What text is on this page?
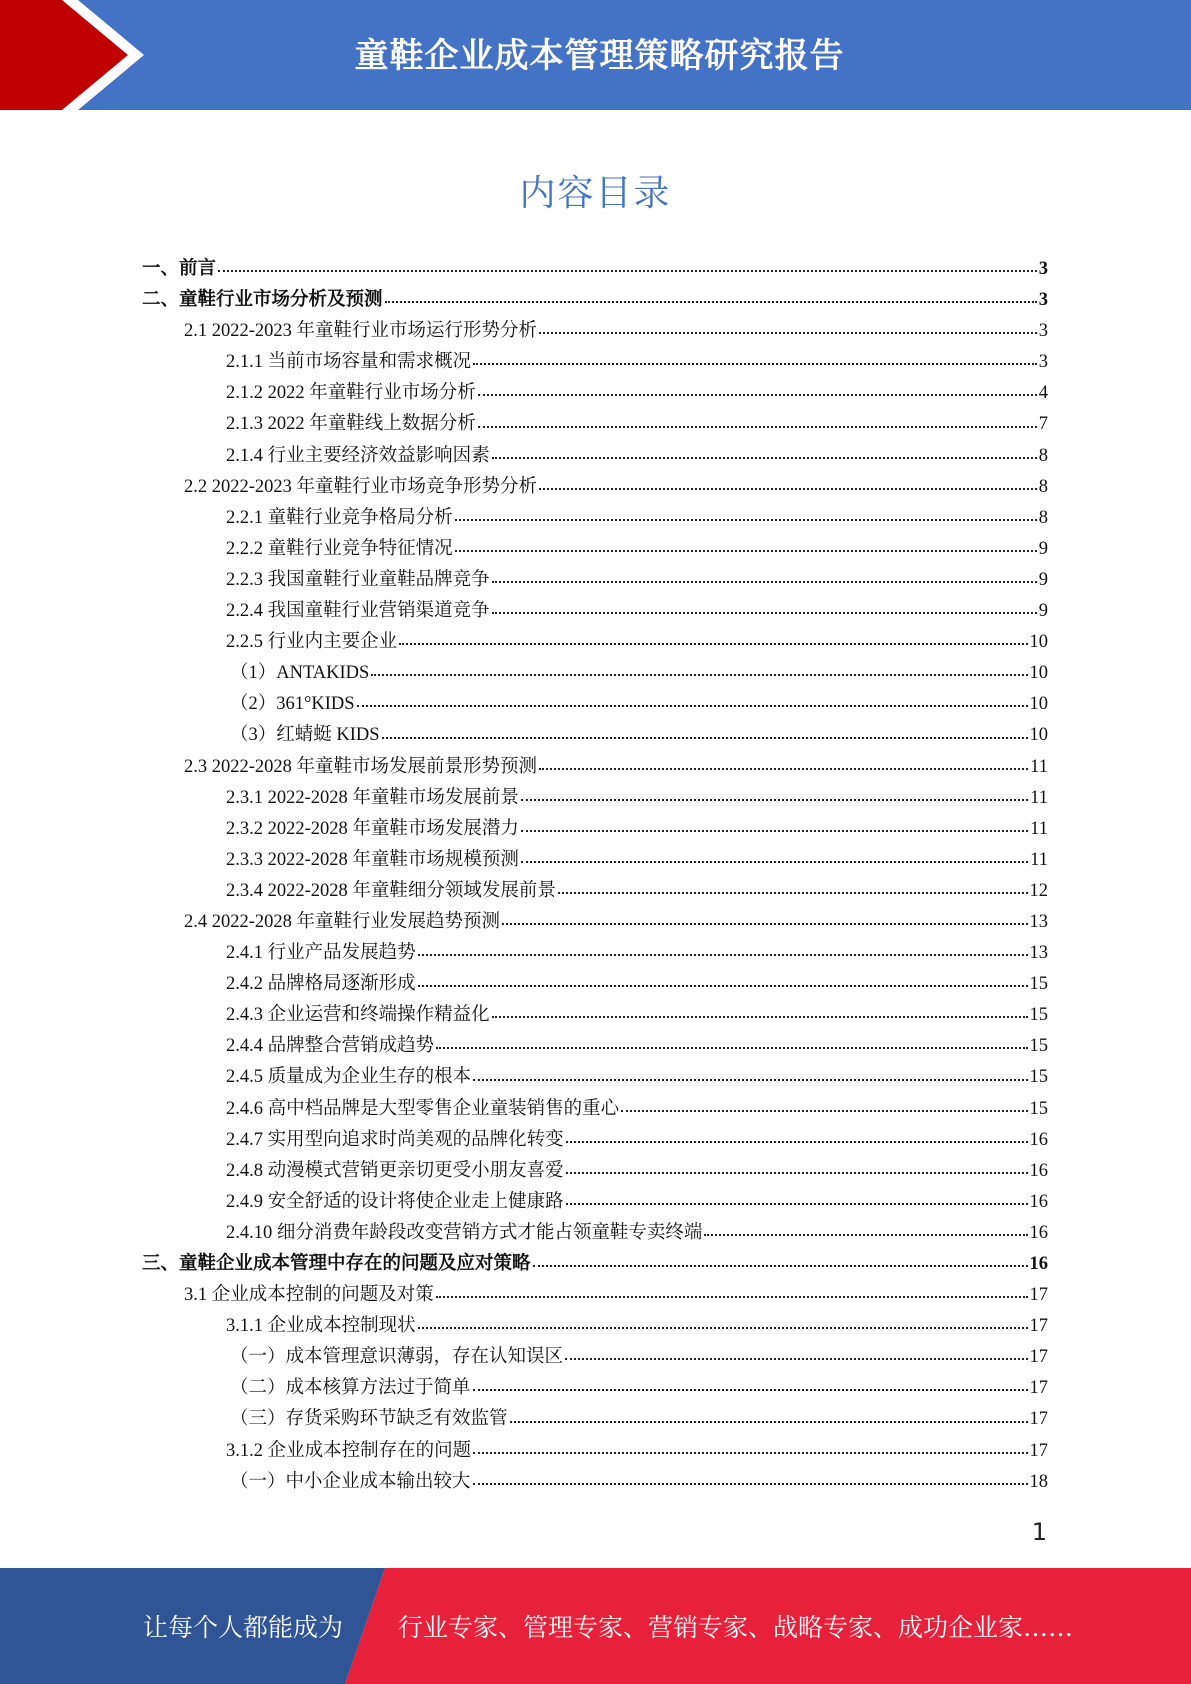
童鞋企业成本管理策略研究报告
内容目录
一、前言	3
二、童鞋行业市场分析及预测	3
2.1 2022-2023 年童鞋行业市场运行形势分析	3
2.1.1 当前市场容量和需求概况	3
2.1.2 2022 年童鞋行业市场分析	4
2.1.3 2022 年童鞋线上数据分析	7
2.1.4 行业主要经济效益影响因素	8
2.2 2022-2023 年童鞋行业市场竞争形势分析	8
2.2.1 童鞋行业竞争格局分析	8
2.2.2 童鞋行业竞争特征情况	9
2.2.3 我国童鞋行业童鞋品牌竞争	9
2.2.4 我国童鞋行业营销渠道竞争	9
2.2.5 行业内主要企业	10
（1）ANTAKIDS	10
（2）361°KIDS	10
（3）红蜻蜓 KIDS	10
2.3 2022-2028 年童鞋市场发展前景形势预测	11
2.3.1 2022-2028 年童鞋市场发展前景	11
2.3.2 2022-2028 年童鞋市场发展潜力	11
2.3.3 2022-2028 年童鞋市场规模预测	11
2.3.4 2022-2028 年童鞋细分领域发展前景	12
2.4 2022-2028 年童鞋行业发展趋势预测	13
2.4.1 行业产品发展趋势	13
2.4.2 品牌格局逐渐形成	15
2.4.3 企业运营和终端操作精益化	15
2.4.4 品牌整合营销成趋势	15
2.4.5 质量成为企业生存的根本	15
2.4.6 高中档品牌是大型零售企业童装销售的重心	15
2.4.7 实用型向追求时尚美观的品牌化转变	16
2.4.8 动漫模式营销更亲切更受小朋友喜爱	16
2.4.9 安全舒适的设计将使企业走上健康路	16
2.4.10 细分消费年龄段改变营销方式才能占领童鞋专卖终端	16
三、童鞋企业成本管理中存在的问题及应对策略	16
3.1 企业成本控制的问题及对策	17
3.1.1 企业成本控制现状	17
（一）成本管理意识薄弱，存在认知误区	17
（二）成本核算方法过于简单	17
（三）存货采购环节缺乏有效监管	17
3.1.2 企业成本控制存在的问题	17
（一）中小企业成本输出较大	18
1
让每个人都能成为 行业专家、管理专家、营销专家、战略专家、成功企业家……
